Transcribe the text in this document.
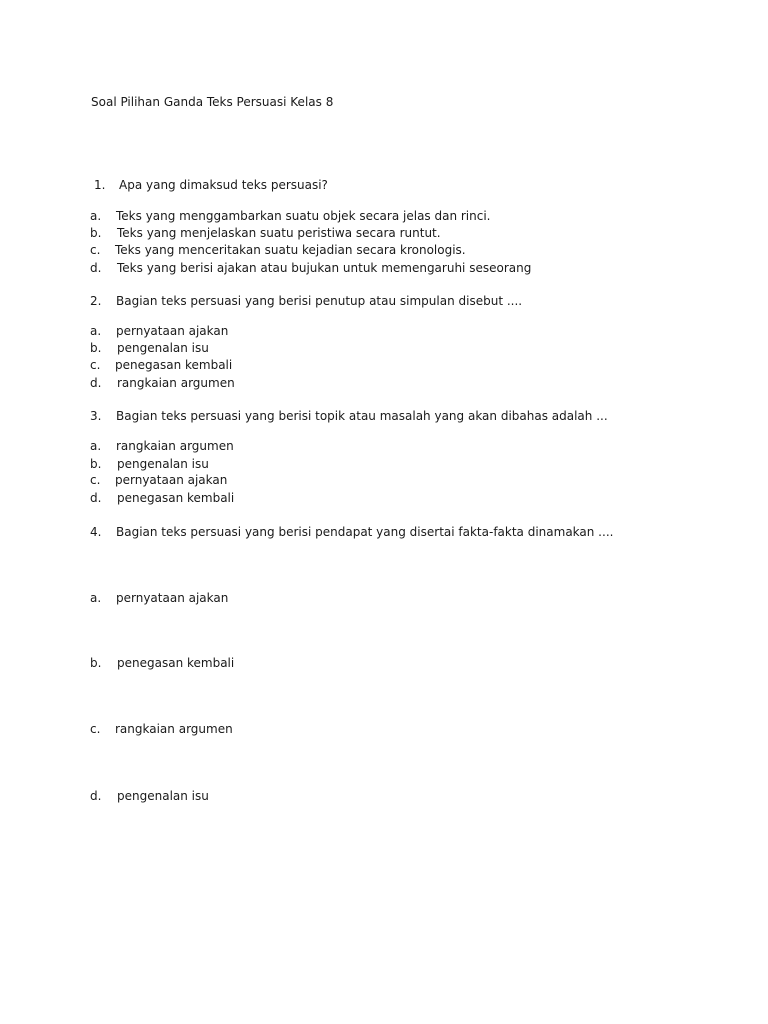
Soal Pilihan Ganda Teks Persuasi Kelas 8
1. Apa yang dimaksud teks persuasi?
a. Teks yang menggambarkan suatu objek secara jelas dan rinci.
b. Teks yang menjelaskan suatu peristiwa secara runtut.
c. Teks yang menceritakan suatu kejadian secara kronologis.
d. Teks yang berisi ajakan atau bujukan untuk memengaruhi seseorang
2. Bagian teks persuasi yang berisi penutup atau simpulan disebut ....
a. pernyataan ajakan
b. pengenalan isu
c. penegasan kembali
d. rangkaian argumen
3. Bagian teks persuasi yang berisi topik atau masalah yang akan dibahas adalah ...
a. rangkaian argumen
b. pengenalan isu
c. pernyataan ajakan
d. penegasan kembali
4. Bagian teks persuasi yang berisi pendapat yang disertai fakta-fakta dinamakan ....
a. pernyataan ajakan
b. penegasan kembali
c. rangkaian argumen
d. pengenalan isu
